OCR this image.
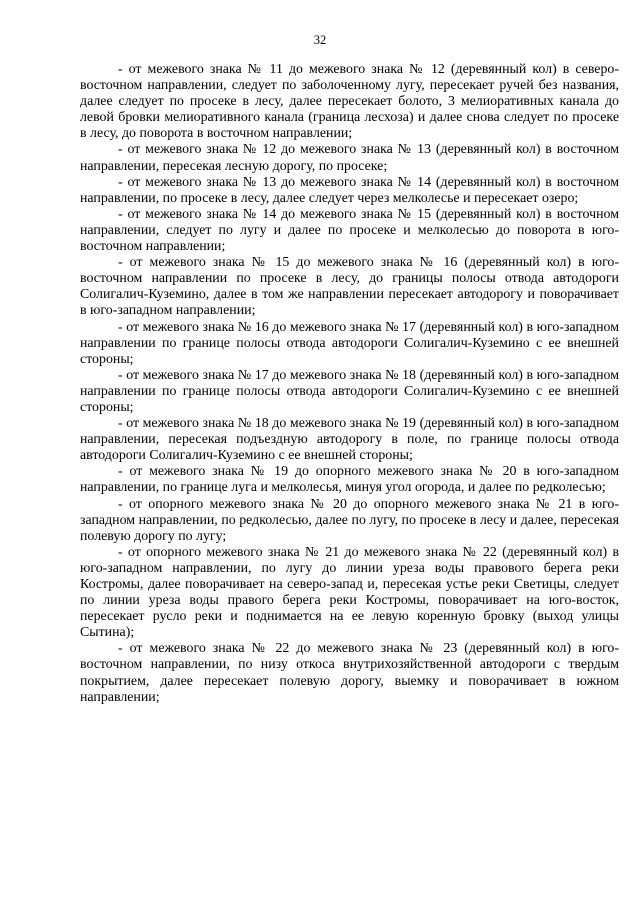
32

- от межевого знака № 11 до межевого знака № 12 (деревянный кол) в северо-восточном направлении, следует по заболоченному лугу, пересекает ручей без названия, далее следует по просеке в лесу, далее пересекает болото, 3 мелиоративных канала до левой бровки мелиоративного канала (граница лесхоза) и далее снова следует по просеке в лесу, до поворота в восточном направлении;

- от межевого знака № 12 до межевого знака № 13 (деревянный кол) в восточном направлении, пересекая лесную дорогу, по просеке;

- от межевого знака № 13 до межевого знака № 14 (деревянный кол) в восточном направлении, по просеке в лесу, далее следует через мелколесье и пересекает озеро;

- от межевого знака № 14 до межевого знака № 15 (деревянный кол) в восточном направлении, следует по лугу и далее по просеке и мелколесью до поворота в юго-восточном направлении;

- от межевого знака № 15 до межевого знака № 16 (деревянный кол) в юго-восточном направлении по просеке в лесу, до границы полосы отвода автодороги Солигалич-Куземино, далее в том же направлении пересекает автодорогу и поворачивает в юго-западном направлении;

- от межевого знака № 16 до межевого знака № 17 (деревянный кол) в юго-западном направлении по границе полосы отвода автодороги Солигалич-Куземино с ее внешней стороны;

- от межевого знака № 17 до межевого знака № 18 (деревянный кол) в юго-западном направлении по границе полосы отвода автодороги Солигалич-Куземино с ее внешней стороны;

- от межевого знака № 18 до межевого знака № 19 (деревянный кол) в юго-западном направлении, пересекая подъездную автодорогу в поле, по границе полосы отвода автодороги Солигалич-Куземино с ее внешней стороны;

- от межевого знака № 19 до опорного межевого знака № 20 в юго-западном направлении, по границе луга и мелколесья, минуя угол огорода, и далее по редколесью;

- от опорного межевого знака № 20 до опорного межевого знака № 21 в юго-западном направлении, по редколесью, далее по лугу, по просеке в лесу и далее, пересекая полевую дорогу по лугу;

- от опорного межевого знака № 21 до межевого знака № 22 (деревянный кол) в юго-западном направлении, по лугу до линии уреза воды правового берега реки Костромы, далее поворачивает на северо-запад и, пересекая устье реки Светицы, следует по линии уреза воды правого берега реки Костромы, поворачивает на юго-восток, пересекает русло реки и поднимается на ее левую коренную бровку (выход улицы Сытина);

- от межевого знака № 22 до межевого знака № 23 (деревянный кол) в юго-восточном направлении, по низу откоса внутрихозяйственной автодороги с твердым покрытием, далее пересекает полевую дорогу, выемку и поворачивает в южном направлении;
